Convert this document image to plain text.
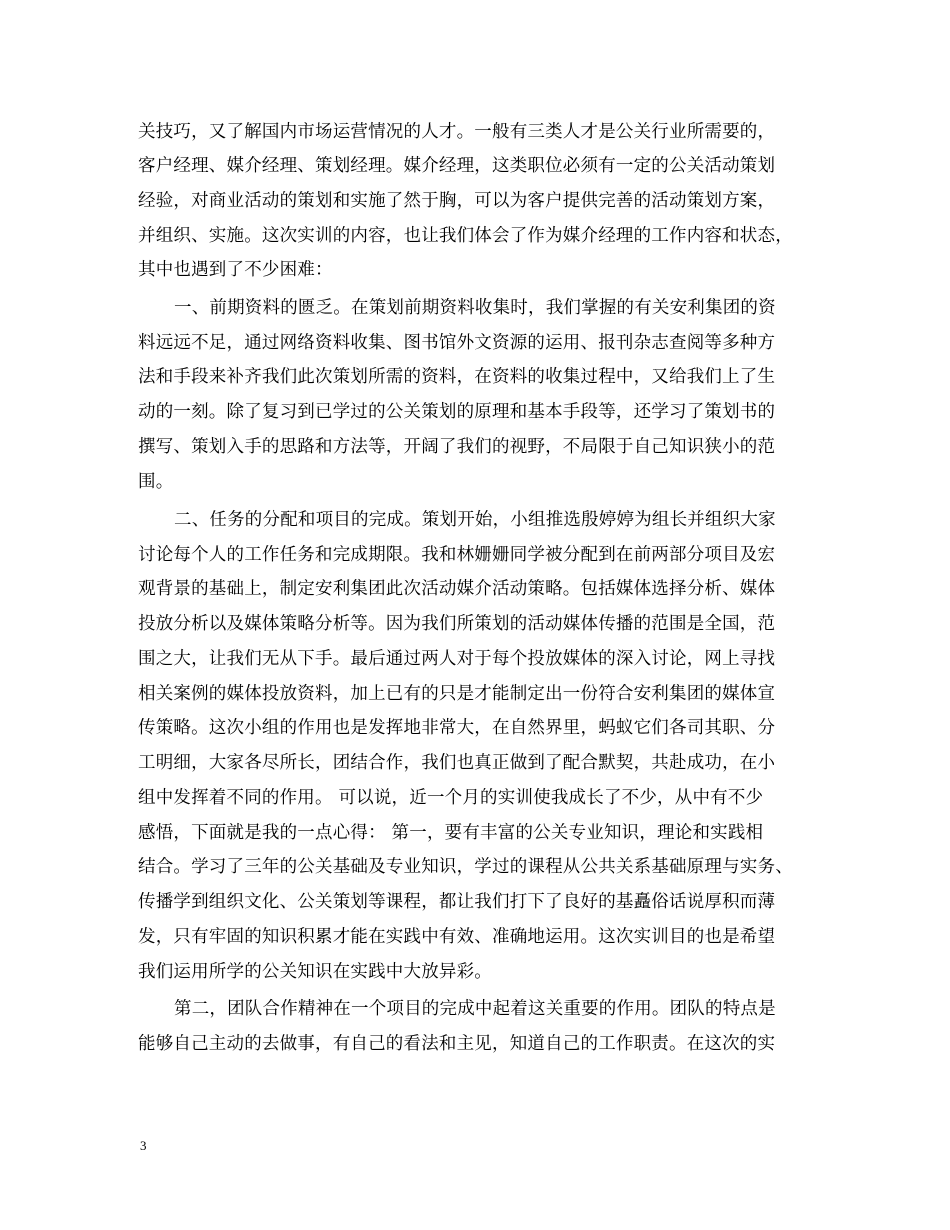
关技巧，又了解国内市场运营情况的人才。一般有三类人才是公关行业所需要的，
客户经理、媒介经理、策划经理。媒介经理，这类职位必须有一定的公关活动策划
经验，对商业活动的策划和实施了然于胸，可以为客户提供完善的活动策划方案，
并组织、实施。这次实训的内容，也让我们体会了作为媒介经理的工作内容和状态，
其中也遇到了不少困难：
一、前期资料的匮乏。在策划前期资料收集时，我们掌握的有关安利集团的资
料远远不足，通过网络资料收集、图书馆外文资源的运用、报刊杂志查阅等多种方
法和手段来补齐我们此次策划所需的资料，在资料的收集过程中，又给我们上了生
动的一刻。除了复习到已学过的公关策划的原理和基本手段等，还学习了策划书的
撰写、策划入手的思路和方法等，开阔了我们的视野，不局限于自己知识狭小的范
围。
二、任务的分配和项目的完成。策划开始，小组推选殷婷婷为组长并组织大家
讨论每个人的工作任务和完成期限。我和林姗姗同学被分配到在前两部分项目及宏
观背景的基础上，制定安利集团此次活动媒介活动策略。包括媒体选择分析、媒体
投放分析以及媒体策略分析等。因为我们所策划的活动媒体传播的范围是全国，范
围之大，让我们无从下手。最后通过两人对于每个投放媒体的深入讨论，网上寻找
相关案例的媒体投放资料，加上已有的只是才能制定出一份符合安利集团的媒体宣
传策略。这次小组的作用也是发挥地非常大，在自然界里，蚂蚁它们各司其职、分
工明细，大家各尽所长，团结合作，我们也真正做到了配合默契，共赴成功，在小
组中发挥着不同的作用。 可以说，近一个月的实训使我成长了不少，从中有不少
感悟，下面就是我的一点心得： 第一，要有丰富的公关专业知识，理论和实践相
结合。学习了三年的公关基础及专业知识，学过的课程从公共关系基础原理与实务、
传播学到组织文化、公关策划等课程，都让我们打下了良好的基矗俗话说厚积而薄
发，只有牢固的知识积累才能在实践中有效、准确地运用。这次实训目的也是希望
我们运用所学的公关知识在实践中大放异彩。
第二，团队合作精神在一个项目的完成中起着这关重要的作用。团队的特点是
能够自己主动的去做事，有自己的看法和主见，知道自己的工作职责。在这次的实
3
